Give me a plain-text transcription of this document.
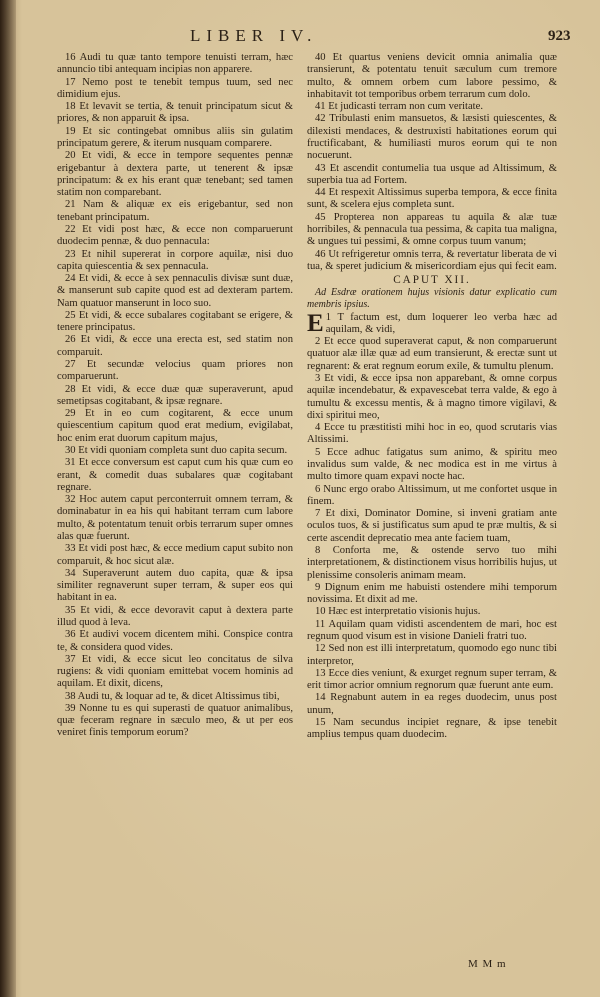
LIBER IV.	923

16 Audi tu quæ tanto tempore tenuisti terram, hæc annuncio tibi antequam incipias non apparere.

17 Nemo post te tenebit tempus tuum, sed nec dimidium ejus.

18 Et levavit se tertia, & tenuit principatum sicut & priores, & non apparuit & ipsa.

19 Et sic contingebat omnibus aliis sin gulatim principatum gerere, & iterum nusquam comparere.

20 Et vidi, & ecce in tempore sequentes pennæ erigebantur à dextera parte, ut tenerent & ipsæ principatum: & ex his erant quæ tenebant; sed tamen statim non comparebant.

21 Nam & aliquæ ex eis erigebantur, sed non tenebant principatum.

22 Et vidi post hæc, & ecce non comparuerunt duodecim pennæ, & duo pennacula:

23 Et nihil supererat in corpore aquilæ, nisi duo capita quiescentia & sex pennacula.

24 Et vidi, & ecce à sex pennaculis divisæ sunt duæ, & manserunt sub capite quod est ad dexteram partem. Nam quatuor manserunt in loco suo.

25 Et vidi, & ecce subalares cogitabant se erigere, & tenere principatus.

26 Et vidi, & ecce una erecta est, sed statim non comparuit.

27 Et secundæ velocius quam priores non comparuerunt.

28 Et vidi, & ecce duæ quæ superaverunt, apud semetipsas cogitabant, & ipsæ regnare.

29 Et in eo cum cogitarent, & ecce unum quiescentium capitum quod erat medium, evigilabat, hoc enim erat duorum capitum majus,

30 Et vidi quoniam completa sunt duo capita secum.

31 Et ecce conversum est caput cum his quæ cum eo erant, & comedit duas subalares quæ cogitabant regnare.

32 Hoc autem caput perconterruit omnem terram, & dominabatur in ea his qui habitant terram cum labore multo, & potentatum tenuit orbis terrarum super omnes alas quæ fuerunt.

33 Et vidi post hæc, & ecce medium caput subito non comparuit, & hoc sicut alæ.

34 Superaverunt autem duo capita, quæ & ipsa similiter regnaverunt super terram, & super eos qui habitant in ea.

35 Et vidi, & ecce devoravit caput à dextera parte illud quod à leva.

36 Et audivi vocem dicentem mihi. Conspice contra te, & considera quod vides.

37 Et vidi, & ecce sicut leo concitatus de silva rugiens: & vidi quoniam emittebat vocem hominis ad aquilam. Et dixit, dicens,

38 Audi tu, & loquar ad te, & dicet Altissimus tibi,

39 Nonne tu es qui superasti de quatuor animalibus, quæ feceram regnare in sæculo meo, & ut per eos veniret finis temporum eorum?

40 Et quartus veniens devicit omnia animalia quæ transierunt, & potentatu tenuit sæculum cum tremore multo, & omnem orbem cum labore pessimo, & inhabitavit tot temporibus orbem terrarum cum dolo.

41 Et judicasti terram non cum veritate.

42 Tribulasti enim mansuetos, & læsisti quiescentes, & dilexisti mendaces, & destruxisti habitationes eorum qui fructificabant, & humiliasti muros eorum qui te non nocuerunt.

43 Et ascendit contumelia tua usque ad Altissimum, & superbia tua ad Fortem.

44 Et respexit Altissimus superba tempora, & ecce finita sunt, & scelera ejus completa sunt.

45 Propterea non appareas tu aquila & alæ tuæ horribiles, & pennacula tua pessima, & capita tua maligna, & ungues tui pessimi, & omne corpus tuum vanum;

46 Ut refrigeretur omnis terra, & revertatur liberata de vi tua, & speret judicium & misericordiam ejus qui fecit eam.

CAPUT XII.
Ad Esdræ orationem hujus visionis datur explicatio cum membris ipsius.

1
E T factum est, dum loquerer leo verba hæc ad aquilam, & vidi,

2 Et ecce quod superaverat caput, & non comparuerunt quatuor alæ illæ quæ ad eum transierunt, & erectæ sunt ut regnarent: & erat regnum eorum exile, & tumultu plenum.

3 Et vidi, & ecce ipsa non apparebant, & omne corpus aquilæ incendebatur, & expavescebat terra valde, & ego à tumultu & excessu mentis, & à magno timore vigilavi, & dixi spiritui meo,

4 Ecce tu præstitisti mihi hoc in eo, quod scrutaris vias Altissimi.

5 Ecce adhuc fatigatus sum animo, & spiritu meo invalidus sum valde, & nec modica est in me virtus à multo timore quam expavi nocte hac.

6 Nunc ergo orabo Altissimum, ut me confortet usque in finem.

7 Et dixi, Dominator Domine, si inveni gratiam ante oculos tuos, & si justificatus sum apud te præ multis, & si certe ascendit deprecatio mea ante faciem tuam,

8 Conforta me, & ostende servo tuo mihi interpretationem, & distinctionem visus horribilis hujus, ut plenissime consoleris animam meam.

9 Dignum enim me habuisti ostendere mihi temporum novissima. Et dixit ad me.

10 Hæc est interpretatio visionis hujus.

11 Aquilam quam vidisti ascendentem de mari, hoc est regnum quod visum est in visione Danieli fratri tuo.

12 Sed non est illi interpretatum, quomodo ego nunc tibi interpretor,

13 Ecce dies veniunt, & exurget regnum super terram, & erit timor acrior omnium regnorum quæ fuerunt ante eum.

14 Regnabunt autem in ea reges duodecim, unus post unum,

15 Nam secundus incipiet regnare, & ipse tenebit amplius tempus quam duodecim.

M M m
